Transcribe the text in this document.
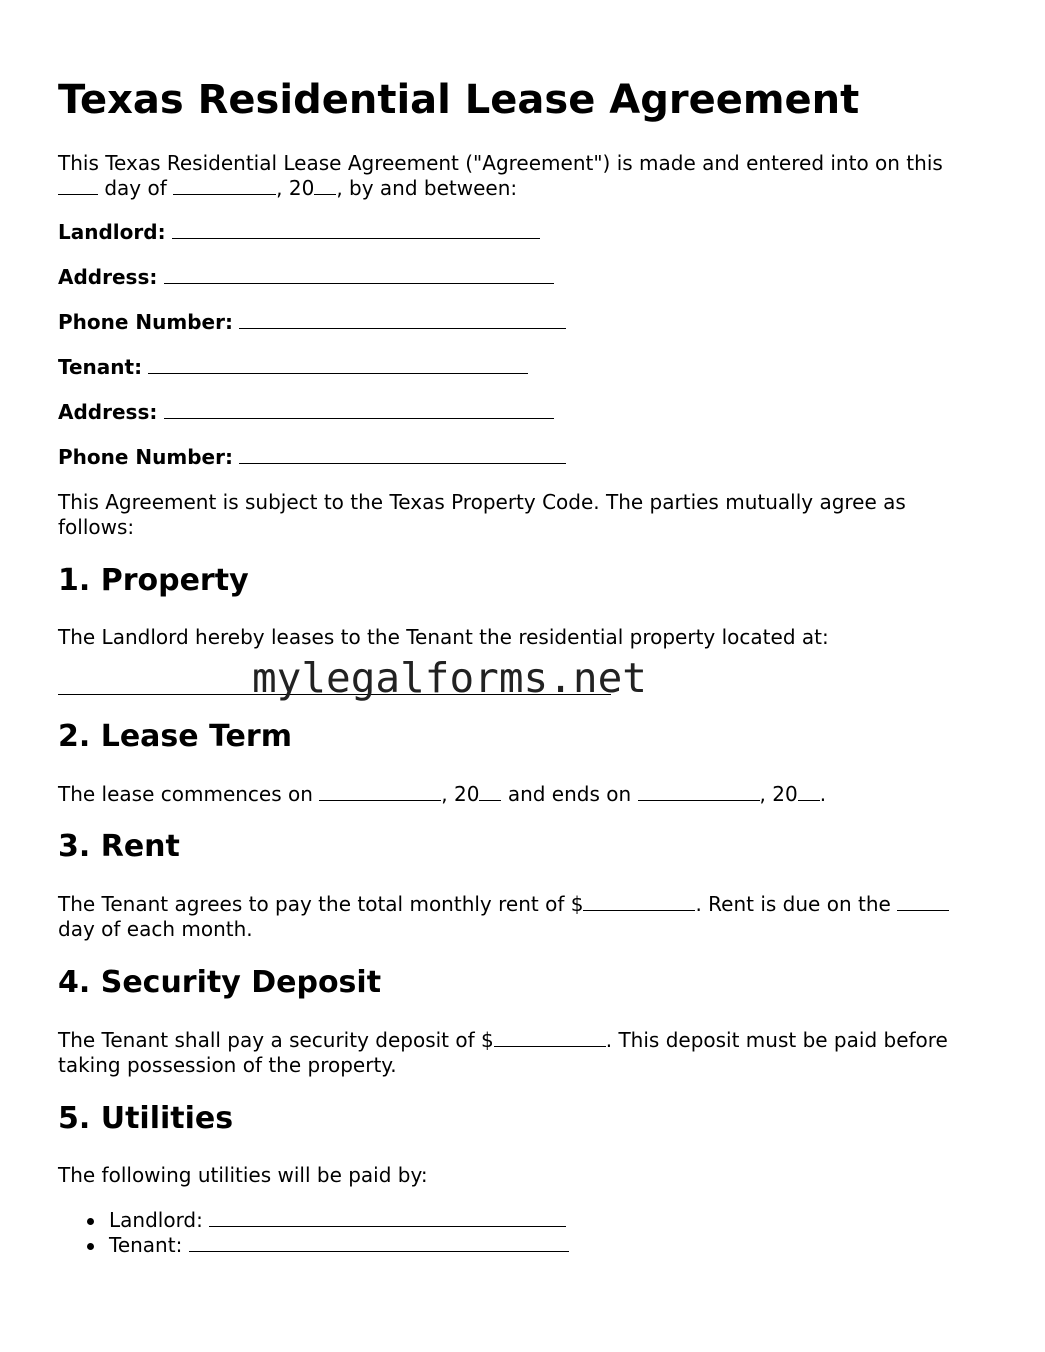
Texas Residential Lease Agreement

This Texas Residential Lease Agreement ("Agreement") is made and entered into on this
day of	, 20 , by and between:

Landlord:
Address:
Phone Number:
Tenant:
Address:
Phone Number:

This Agreement is subject to the Texas Property Code. The parties mutually agree as follows:

1. Property

The Landlord hereby leases to the Tenant the residential property located at:

2. Lease Term

The lease commences on	, 20 and ends on	, 20 .

3. Rent

The Tenant agrees to pay the total monthly rent of $	. Rent is due on the
day of each month.

4. Security Deposit

The Tenant shall pay a security deposit of $	. This deposit must be paid before taking possession of the property.

5. Utilities

The following utilities will be paid by:

Landlord:
Tenant:
mylegalforms.net
